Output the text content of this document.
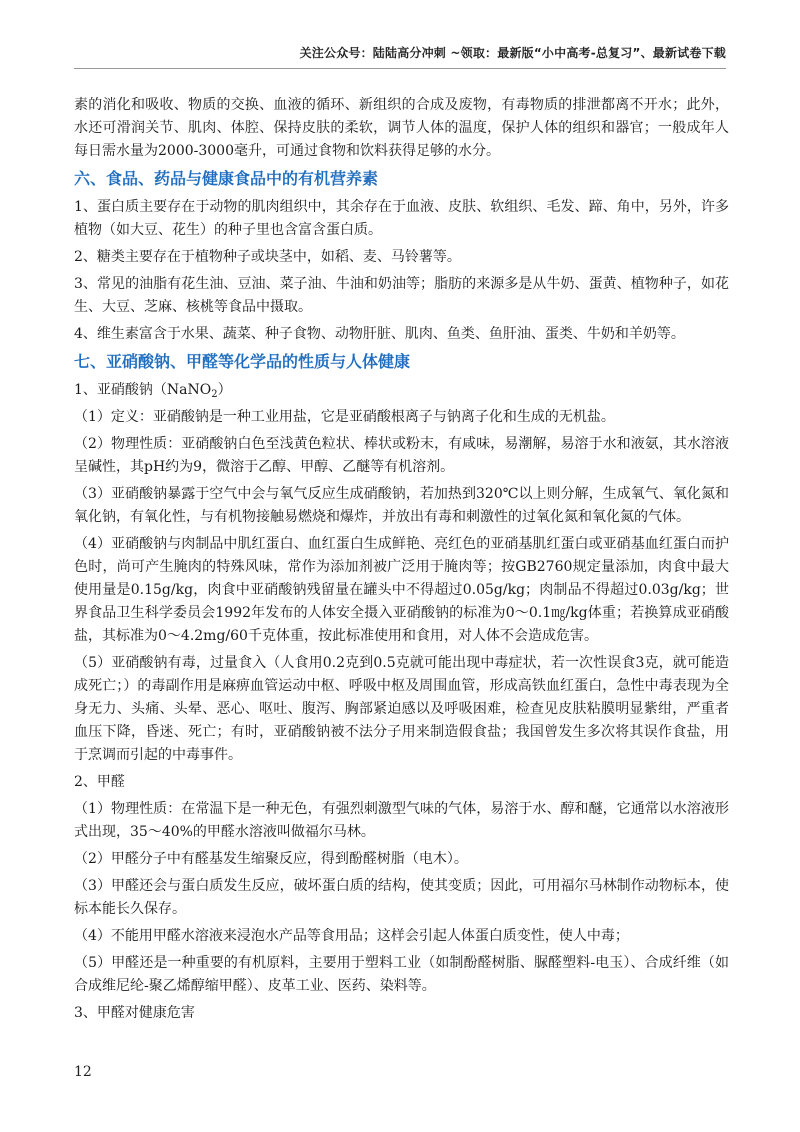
关注公众号：陆陆高分冲刺 ~领取：最新版“小中高考-总复习”、最新试卷下载

素的消化和吸收、物质的交换、血液的循环、新组织的合成及废物，有毒物质的排泄都离不开水；此外，水还可滑润关节、肌肉、体腔、保持皮肤的柔软，调节人体的温度，保护人体的组织和器官；一般成年人每日需水量为2000-3000毫升，可通过食物和饮料获得足够的水分。

六、食品、药品与健康食品中的有机营养素

1、蛋白质主要存在于动物的肌肉组织中，其余存在于血液、皮肤、软组织、毛发、蹄、角中，另外，许多植物（如大豆、花生）的种子里也含富含蛋白质。

2、糖类主要存在于植物种子或块茎中，如稻、麦、马铃薯等。

3、常见的油脂有花生油、豆油、菜子油、牛油和奶油等；脂肪的来源多是从牛奶、蛋黄、植物种子，如花生、大豆、芝麻、核桃等食品中摄取。

4、维生素富含于水果、蔬菜、种子食物、动物肝脏、肌肉、鱼类、鱼肝油、蛋类、牛奶和羊奶等。

七、亚硝酸钠、甲醛等化学品的性质与人体健康

1、亚硝酸钠（NaNO$_2$）

（1）定义：亚硝酸钠是一种工业用盐，它是亚硝酸根离子与钠离子化和生成的无机盐。

（2）物理性质：亚硝酸钠白色至浅黄色粒状、棒状或粉末，有咸味，易潮解，易溶于水和液氨，其水溶液呈碱性，其pH约为9，微溶于乙醇、甲醇、乙醚等有机溶剂。

（3）亚硝酸钠暴露于空气中会与氧气反应生成硝酸钠，若加热到320℃以上则分解，生成氧气、氧化氮和氧化钠，有氧化性，与有机物接触易燃烧和爆炸，并放出有毒和刺激性的过氧化氮和氧化氮的气体。

（4）亚硝酸钠与肉制品中肌红蛋白、血红蛋白生成鲜艳、亮红色的亚硝基肌红蛋白或亚硝基血红蛋白而护色时，尚可产生腌肉的特殊风味，常作为添加剂被广泛用于腌肉等；按GB2760规定量添加，肉食中最大使用量是0.15g/kg，肉食中亚硝酸钠残留量在罐头中不得超过0.05g/kg；肉制品不得超过0.03g/kg；世界食品卫生科学委员会1992年发布的人体安全摄入亚硝酸钠的标准为0～0.1㎎/kg体重；若换算成亚硝酸盐，其标准为0～4.2mg/60千克体重，按此标准使用和食用，对人体不会造成危害。

（5）亚硝酸钠有毒，过量食入（人食用0.2克到0.5克就可能出现中毒症状，若一次性误食3克，就可能造成死亡；）的毒副作用是麻痹血管运动中枢、呼吸中枢及周围血管，形成高铁血红蛋白，急性中毒表现为全身无力、头痛、头晕、恶心、呕吐、腹泻、胸部紧迫感以及呼吸困难，检查见皮肤粘膜明显紫绀，严重者血压下降，昏迷、死亡；有时，亚硝酸钠被不法分子用来制造假食盐；我国曾发生多次将其误作食盐，用于烹调而引起的中毒事件。

2、甲醛

（1）物理性质：在常温下是一种无色，有强烈刺激型气味的气体，易溶于水、醇和醚，它通常以水溶液形式出现，35～40%的甲醛水溶液叫做福尔马林。

（2）甲醛分子中有醛基发生缩聚反应，得到酚醛树脂（电木）。

（3）甲醛还会与蛋白质发生反应，破坏蛋白质的结构，使其变质；因此，可用福尔马林制作动物标本，使标本能长久保存。

（4）不能用甲醛水溶液来浸泡水产品等食用品；这样会引起人体蛋白质变性，使人中毒；

（5）甲醛还是一种重要的有机原料，主要用于塑料工业（如制酚醛树脂、脲醛塑料-电玉）、合成纤维（如合成维尼纶-聚乙烯醇缩甲醛）、皮革工业、医药、染料等。

3、甲醛对健康危害

12
